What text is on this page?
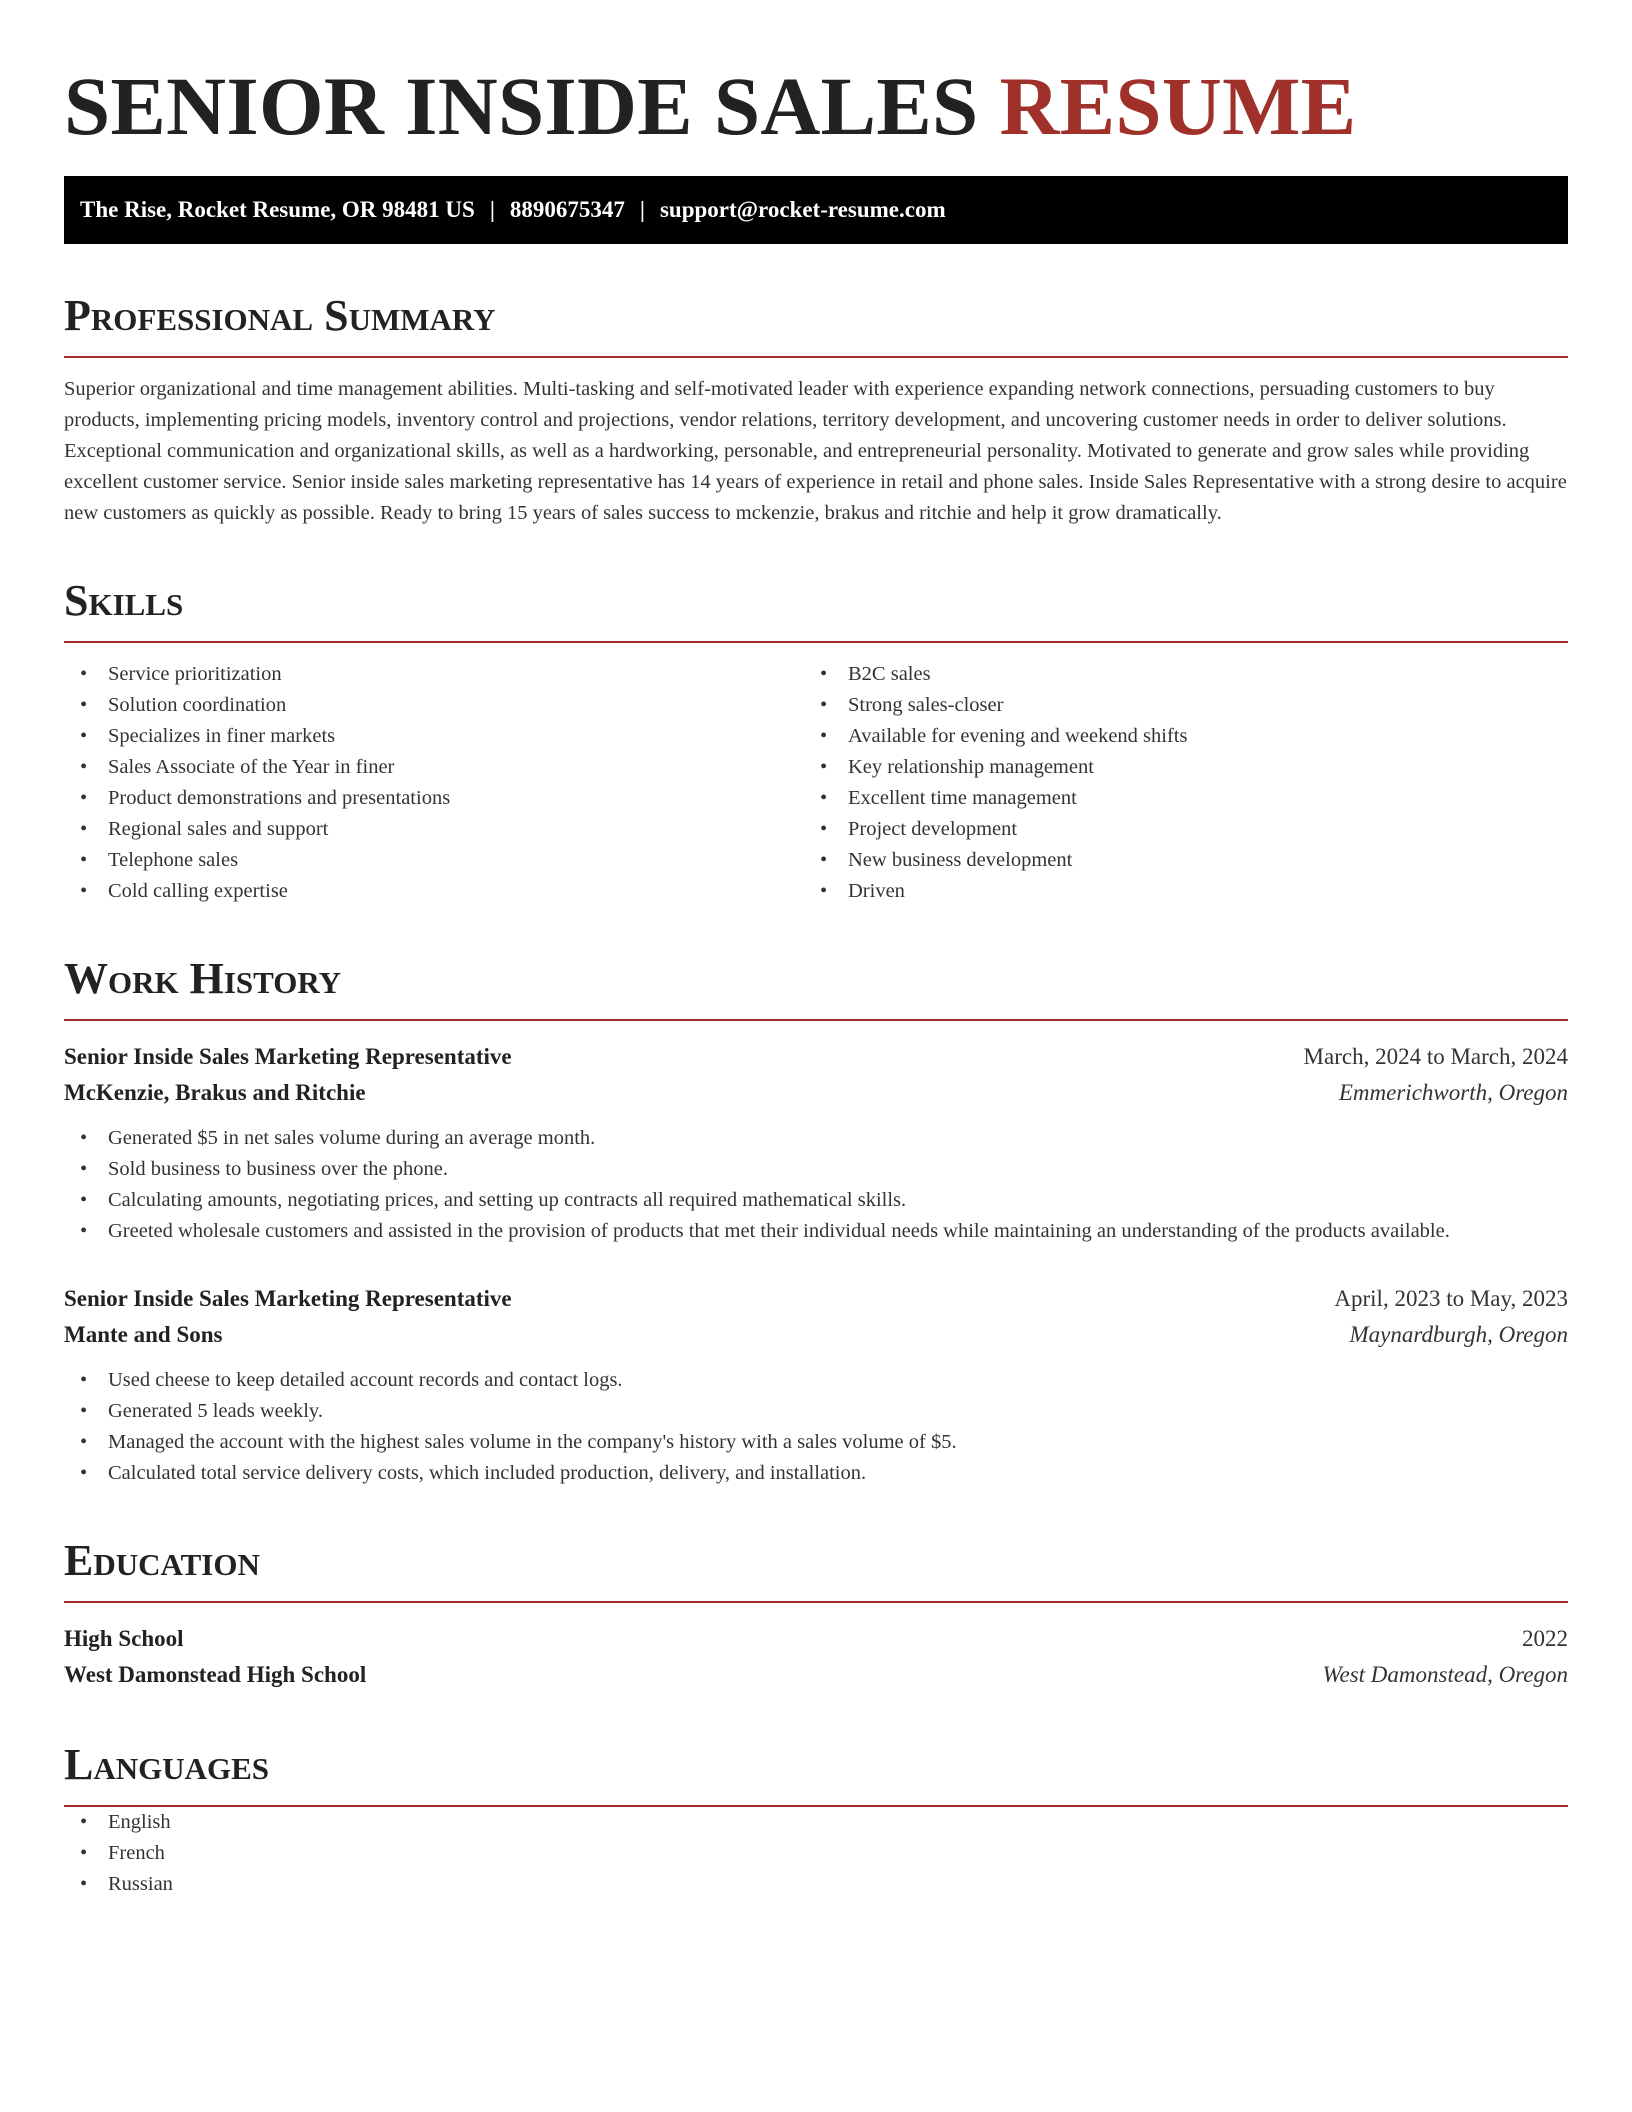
SENIOR INSIDE SALES RESUME
The Rise, Rocket Resume, OR 98481 US | 8890675347 | support@rocket-resume.com
Professional Summary

Superior organizational and time management abilities. Multi-tasking and self-motivated leader with experience expanding network connections, persuading customers to buy products, implementing pricing models, inventory control and projections, vendor relations, territory development, and uncovering customer needs in order to deliver solutions. Exceptional communication and organizational skills, as well as a hardworking, personable, and entrepreneurial personality. Motivated to generate and grow sales while providing excellent customer service. Senior inside sales marketing representative has 14 years of experience in retail and phone sales. Inside Sales Representative with a strong desire to acquire new customers as quickly as possible. Ready to bring 15 years of sales success to mckenzie, brakus and ritchie and help it grow dramatically.

Skills
• Service prioritization
• Solution coordination
• Specializes in finer markets
• Sales Associate of the Year in finer
• Product demonstrations and presentations
• Regional sales and support
• Telephone sales
• Cold calling expertise
• B2C sales
• Strong sales-closer
• Available for evening and weekend shifts
• Key relationship management
• Excellent time management
• Project development
• New business development
• Driven
Work History
Senior Inside Sales Marketing Representative	March, 2024 to March, 2024
McKenzie, Brakus and Ritchie	Emmerichworth, Oregon
• Generated $5 in net sales volume during an average month.
• Sold business to business over the phone.
• Calculating amounts, negotiating prices, and setting up contracts all required mathematical skills.
• Greeted wholesale customers and assisted in the provision of products that met their individual needs while maintaining an understanding of the products available.
Senior Inside Sales Marketing Representative	April, 2023 to May, 2023
Mante and Sons	Maynardburgh, Oregon
• Used cheese to keep detailed account records and contact logs.
• Generated 5 leads weekly.
• Managed the account with the highest sales volume in the company's history with a sales volume of $5.
• Calculated total service delivery costs, which included production, delivery, and installation.
Education
High School	2022
West Damonstead High School	West Damonstead, Oregon
Languages
• English
• French
• Russian
